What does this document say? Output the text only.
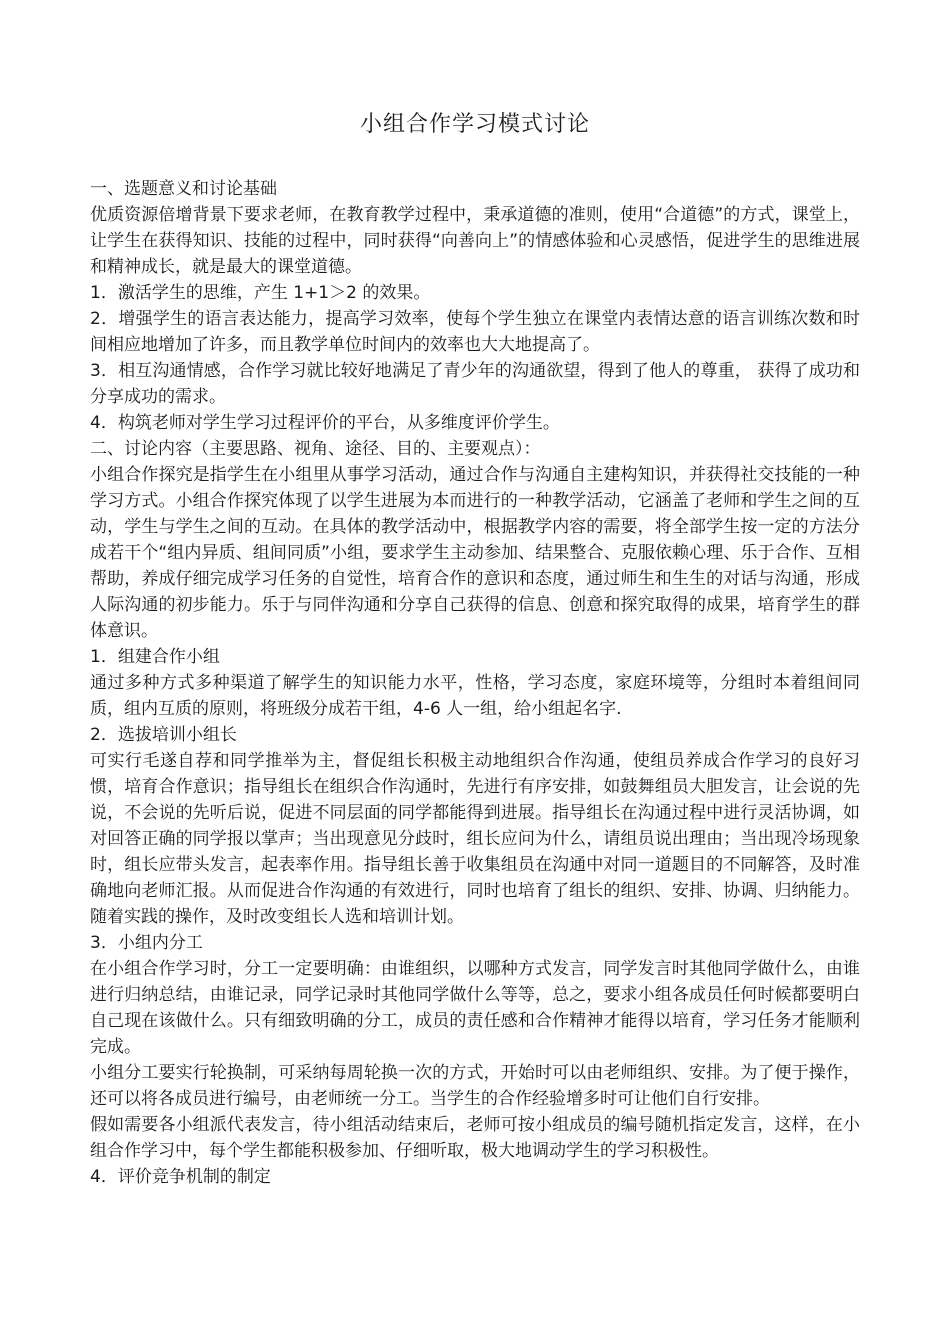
小组合作学习模式讨论

一、选题意义和讨论基础

优质资源倍增背景下要求老师，在教育教学过程中，秉承道德的准则，使用“合道德”的方式，课堂上，让学生在获得知识、技能的过程中，同时获得“向善向上”的情感体验和心灵感悟，促进学生的思维进展和精神成长，就是最大的课堂道德。

1．激活学生的思维，产生 1+1＞2 的效果。

2．增强学生的语言表达能力，提高学习效率，使每个学生独立在课堂内表情达意的语言训练次数和时间相应地增加了许多，而且教学单位时间内的效率也大大地提高了。

3．相互沟通情感，合作学习就比较好地满足了青少年的沟通欲望，得到了他人的尊重， 获得了成功和分享成功的需求。

4．构筑老师对学生学习过程评价的平台，从多维度评价学生。

二、讨论内容（主要思路、视角、途径、目的、主要观点）：

小组合作探究是指学生在小组里从事学习活动，通过合作与沟通自主建构知识，并获得社交技能的一种学习方式。小组合作探究体现了以学生进展为本而进行的一种教学活动，它涵盖了老师和学生之间的互动，学生与学生之间的互动。在具体的教学活动中，根据教学内容的需要，将全部学生按一定的方法分成若干个“组内异质、组间同质”小组，要求学生主动参加、结果整合、克服依赖心理、乐于合作、互相帮助，养成仔细完成学习任务的自觉性，培育合作的意识和态度，通过师生和生生的对话与沟通，形成人际沟通的初步能力。乐于与同伴沟通和分享自己获得的信息、创意和探究取得的成果，培育学生的群体意识。

1．组建合作小组

通过多种方式多种渠道了解学生的知识能力水平，性格，学习态度，家庭环境等，分组时本着组间同质，组内互质的原则，将班级分成若干组，4-6 人一组，给小组起名字.

2．选拔培训小组长

可实行毛遂自荐和同学推举为主，督促组长积极主动地组织合作沟通，使组员养成合作学习的良好习惯，培育合作意识；指导组长在组织合作沟通时，先进行有序安排，如鼓舞组员大胆发言，让会说的先说，不会说的先听后说，促进不同层面的同学都能得到进展。指导组长在沟通过程中进行灵活协调，如对回答正确的同学报以掌声；当出现意见分歧时，组长应问为什么，请组员说出理由；当出现冷场现象时，组长应带头发言，起表率作用。指导组长善于收集组员在沟通中对同一道题目的不同解答，及时准确地向老师汇报。从而促进合作沟通的有效进行，同时也培育了组长的组织、安排、协调、归纳能力。随着实践的操作，及时改变组长人选和培训计划。

3．小组内分工

在小组合作学习时，分工一定要明确：由谁组织，以哪种方式发言，同学发言时其他同学做什么，由谁进行归纳总结，由谁记录，同学记录时其他同学做什么等等，总之，要求小组各成员任何时候都要明白自己现在该做什么。只有细致明确的分工，成员的责任感和合作精神才能得以培育，学习任务才能顺利完成。

小组分工要实行轮换制，可采纳每周轮换一次的方式，开始时可以由老师组织、安排。为了便于操作，还可以将各成员进行编号，由老师统一分工。当学生的合作经验增多时可让他们自行安排。

假如需要各小组派代表发言，待小组活动结束后，老师可按小组成员的编号随机指定发言，这样，在小组合作学习中，每个学生都能积极参加、仔细听取，极大地调动学生的学习积极性。

4．评价竞争机制的制定
